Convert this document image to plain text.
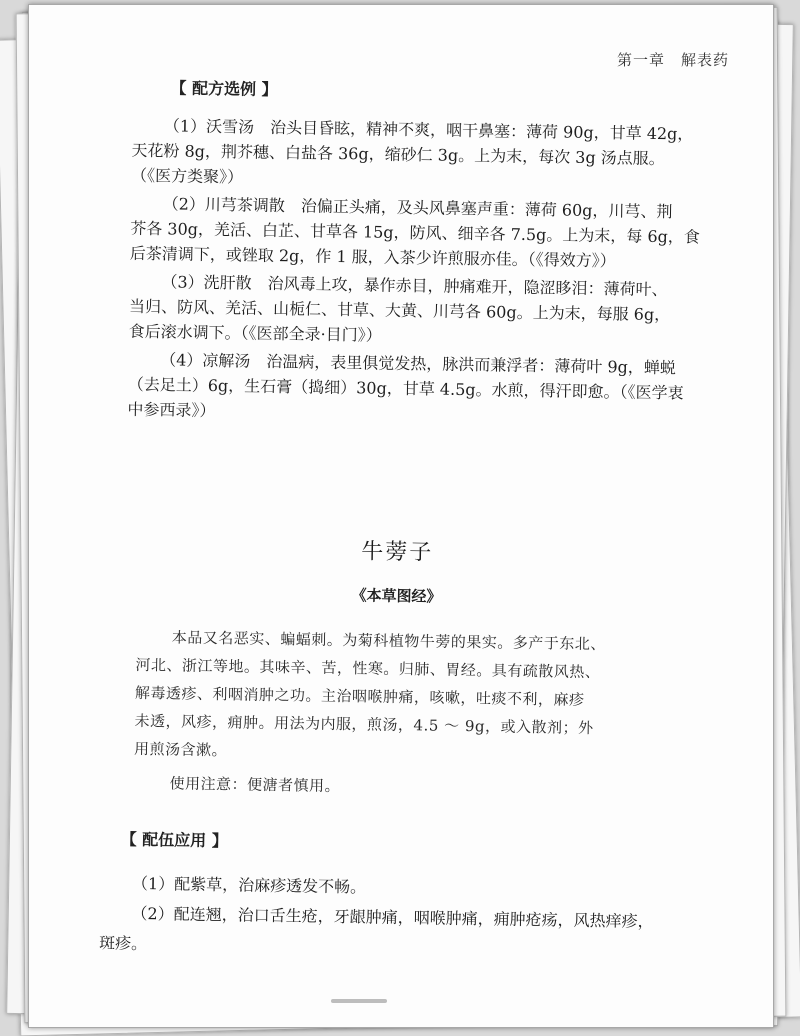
第一章　解表药
【 配方选例 】

（1）沃雪汤　治头目昏眩，精神不爽，咽干鼻塞：薄荷 90g，甘草 42g，

天花粉 8g，荆芥穗、白盐各 36g，缩砂仁 3g。上为末，每次 3g 汤点服。

（《医方类聚》）

（2）川芎茶调散　治偏正头痛，及头风鼻塞声重：薄荷 60g，川芎、荆

芥各 30g，羌活、白芷、甘草各 15g，防风、细辛各 7.5g。上为末，每 6g，食

后茶清调下，或锉取 2g，作 1 服，入茶少许煎服亦佳。（《得效方》）

（3）洗肝散　治风毒上攻，暴作赤目，肿痛难开，隐涩眵泪：薄荷叶、

当归、防风、羌活、山栀仁、甘草、大黄、川芎各 60g。上为末，每服 6g，

食后滚水调下。（《医部全录·目门》）

（4）凉解汤　治温病，表里俱觉发热，脉洪而兼浮者：薄荷叶 9g，蝉蜕

（去足土）6g，生石膏（捣细）30g，甘草 4.5g。水煎，得汗即愈。（《医学衷

中参西录》）

牛蒡子
《本草图经》

本品又名恶实、蝙蝠刺。为菊科植物牛蒡的果实。多产于东北、

河北、浙江等地。其味辛、苦，性寒。归肺、胃经。具有疏散风热、

解毒透疹、利咽消肿之功。主治咽喉肿痛，咳嗽，吐痰不利，麻疹

未透，风疹，痈肿。用法为内服，煎汤，4.5 ～ 9g，或入散剂；外

用煎汤含漱。

使用注意：便溏者慎用。

【 配伍应用 】

（1）配紫草，治麻疹透发不畅。

（2）配连翘，治口舌生疮，牙龈肿痛，咽喉肿痛，痈肿疮疡，风热痒疹，

斑疹。
